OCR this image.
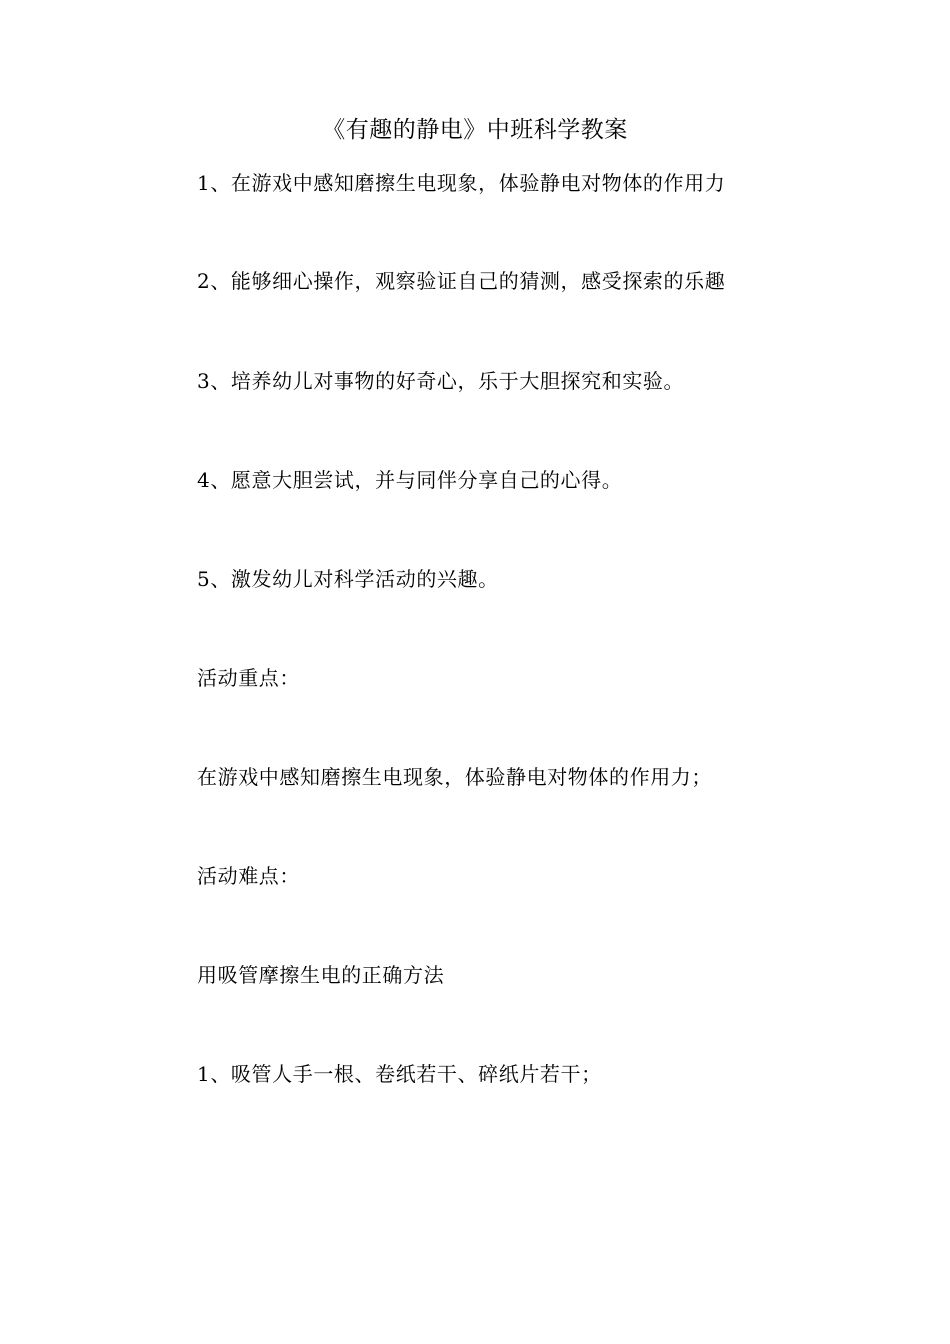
《有趣的静电》中班科学教案
1、在游戏中感知磨擦生电现象，体验静电对物体的作用力
2、能够细心操作，观察验证自己的猜测，感受探索的乐趣
3、培养幼儿对事物的好奇心，乐于大胆探究和实验。
4、愿意大胆尝试，并与同伴分享自己的心得。
5、激发幼儿对科学活动的兴趣。
活动重点：
在游戏中感知磨擦生电现象，体验静电对物体的作用力；
活动难点：
用吸管摩擦生电的正确方法
1、吸管人手一根、卷纸若干、碎纸片若干；
